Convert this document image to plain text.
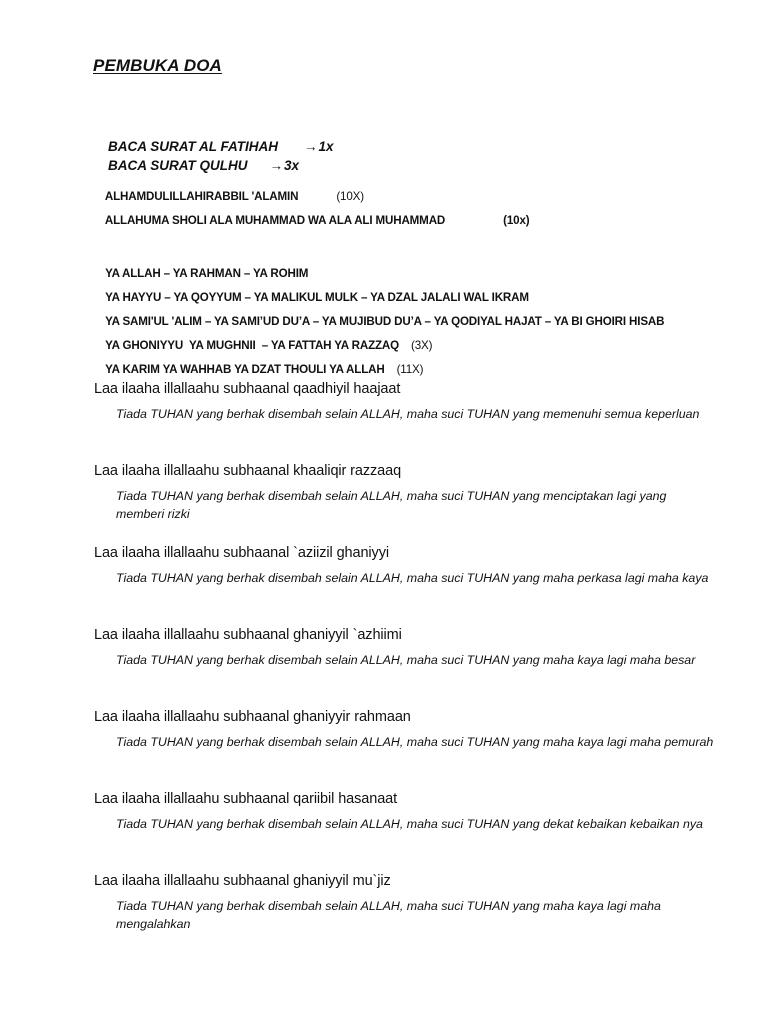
PEMBUKA DOA

BACA SURAT AL FATIHAH →1x

BACA SURAT QULHU →3x

ALHAMDULILLAHIRABBIL 'ALAMIN	(10X)

ALLAHUMA SHOLI ALA MUHAMMAD WA ALA ALI MUHAMMAD	(10x)

YA ALLAH – YA RAHMAN – YA ROHIM

YA HAYYU – YA QOYYUM – YA MALIKUL MULK – YA DZAL JALALI WAL IKRAM

YA SAMI'UL 'ALIM – YA SAMI’UD DU’A – YA MUJIBUD DU’A – YA QODIYAL HAJAT – YA BI GHOIRI HISAB

YA GHONIYYU  YA MUGHNII  – YA FATTAH YA RAZZAQ (3X)

YA KARIM YA WAHHAB YA DZAT THOULI YA ALLAH (11X)

Laa ilaaha illallaahu subhaanal qaadhiyil haajaat
Tiada TUHAN yang berhak disembah selain ALLAH, maha suci TUHAN yang memenuhi semua keperluan
Laa ilaaha illallaahu subhaanal khaaliqir razzaaq
Tiada TUHAN yang berhak disembah selain ALLAH, maha suci TUHAN yang menciptakan lagi yang memberi rizki
Laa ilaaha illallaahu subhaanal `aziizil ghaniyyi
Tiada TUHAN yang berhak disembah selain ALLAH, maha suci TUHAN yang maha perkasa lagi maha kaya
Laa ilaaha illallaahu subhaanal ghaniyyil `azhiimi
Tiada TUHAN yang berhak disembah selain ALLAH, maha suci TUHAN yang maha kaya lagi maha besar
Laa ilaaha illallaahu subhaanal ghaniyyir rahmaan
Tiada TUHAN yang berhak disembah selain ALLAH, maha suci TUHAN yang maha kaya lagi maha pemurah
Laa ilaaha illallaahu subhaanal qariibil hasanaat
Tiada TUHAN yang berhak disembah selain ALLAH, maha suci TUHAN yang dekat kebaikan kebaikan nya
Laa ilaaha illallaahu subhaanal ghaniyyil mu`jiz
Tiada TUHAN yang berhak disembah selain ALLAH, maha suci TUHAN yang maha kaya lagi maha mengalahkan
